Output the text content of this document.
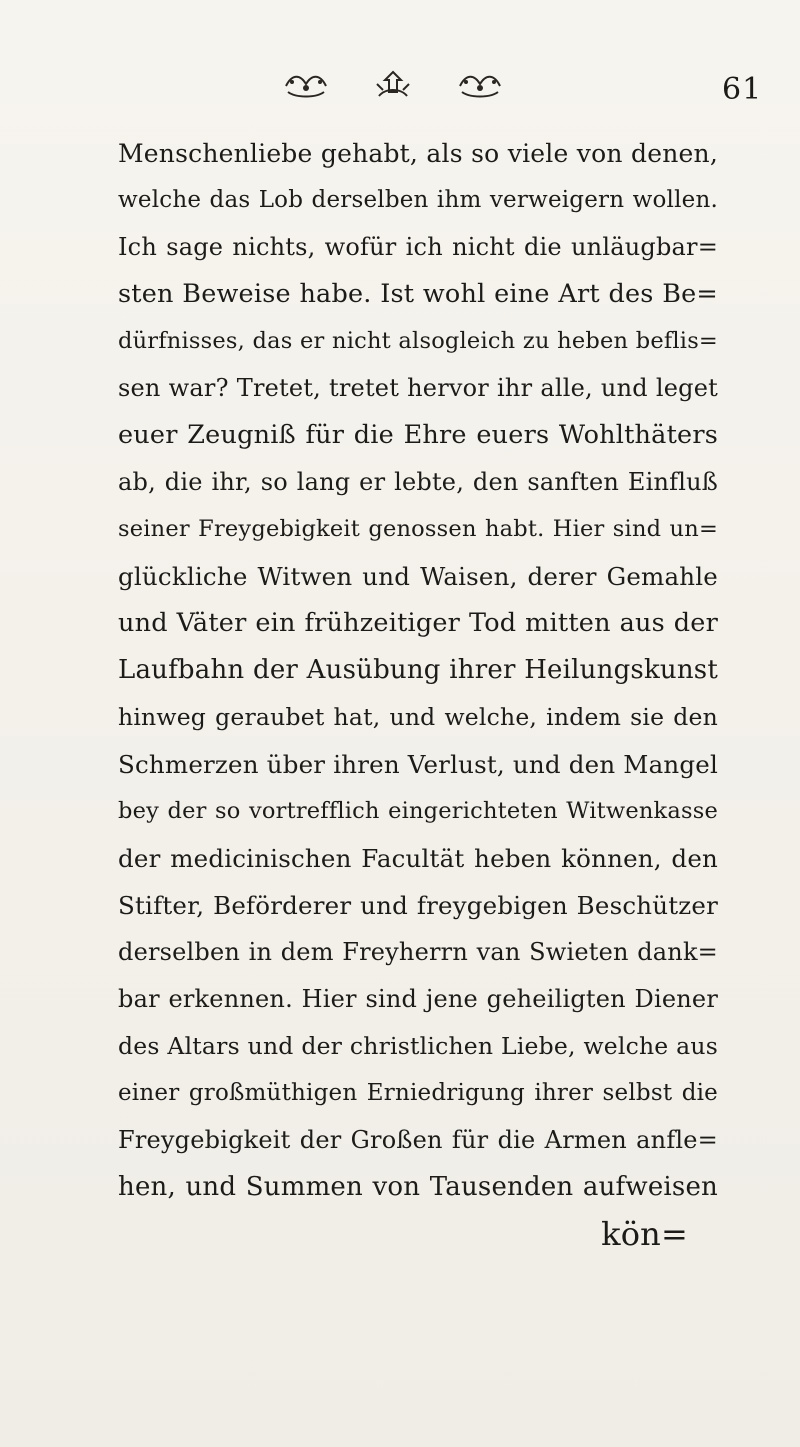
61
Menschenliebe gehabt, als so viele von denen,
welche das Lob derselben ihm verweigern wollen.
Ich sage nichts, wofür ich nicht die unläugbar=
sten Beweise habe. Ist wohl eine Art des Be=
dürfnisses, das er nicht alsogleich zu heben beflis=
sen war? Tretet, tretet hervor ihr alle, und leget
euer Zeugniß für die Ehre euers Wohlthäters
ab, die ihr, so lang er lebte, den sanften Einfluß
seiner Freygebigkeit genossen habt. Hier sind un=
glückliche Witwen und Waisen, derer Gemahle
und Väter ein frühzeitiger Tod mitten aus der
Laufbahn der Ausübung ihrer Heilungskunst
hinweg geraubet hat, und welche, indem sie den
Schmerzen über ihren Verlust, und den Mangel
bey der so vortrefflich eingerichteten Witwenkasse
der medicinischen Facultät heben können, den
Stifter, Beförderer und freygebigen Beschützer
derselben in dem Freyherrn van Swieten dank=
bar erkennen. Hier sind jene geheiligten Diener
des Altars und der christlichen Liebe, welche aus
einer großmüthigen Erniedrigung ihrer selbst die
Freygebigkeit der Großen für die Armen anfle=
hen, und Summen von Tausenden aufweisen
kön=
